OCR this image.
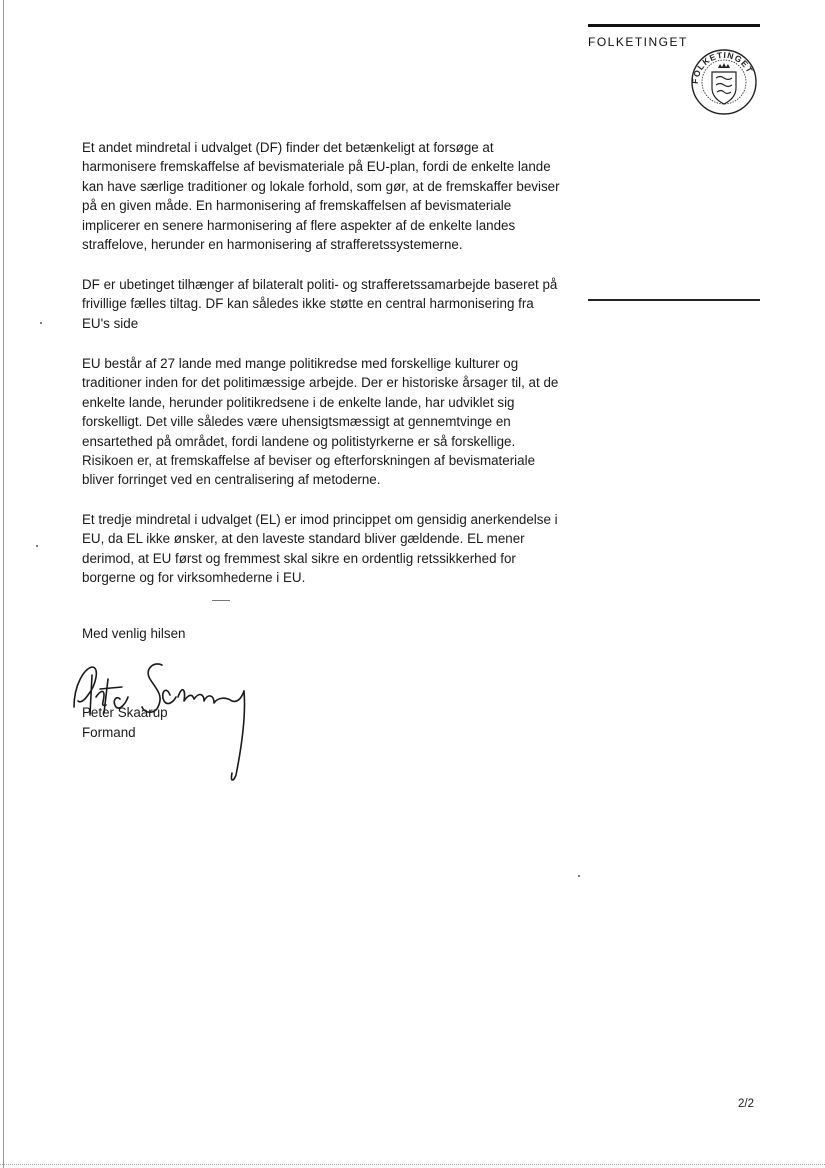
FOLKETINGET
FOLKETINGET

Et andet mindretal i udvalget (DF) finder det betænkeligt at forsøge at harmonisere fremskaffelse af bevismateriale på EU-plan, fordi de enkelte lande kan have særlige traditioner og lokale forhold, som gør, at de fremskaffer beviser på en given måde. En harmonisering af fremskaffelsen af bevismateriale implicerer en senere harmonisering af flere aspekter af de enkelte landes straffelove, herunder en harmonisering af strafferetssystemerne.

DF er ubetinget tilhænger af bilateralt politi- og strafferetssamarbejde baseret på frivillige fælles tiltag. DF kan således ikke støtte en central harmonisering fra EU's side

EU består af 27 lande med mange politikredse med forskellige kulturer og traditioner inden for det politimæssige arbejde. Der er historiske årsager til, at de enkelte lande, herunder politikredsene i de enkelte lande, har udviklet sig forskelligt. Det ville således være uhensigtsmæssigt at gennemtvinge en ensartethed på området, fordi landene og politistyrkerne er så forskellige. Risikoen er, at fremskaffelse af beviser og efterforskningen af bevismateriale bliver forringet ved en centralisering af metoderne.

Et tredje mindretal i udvalget (EL) er imod princippet om gensidig anerkendelse i EU, da EL ikke ønsker, at den laveste standard bliver gældende. EL mener derimod, at EU først og fremmest skal sikre en ordentlig retssikkerhed for borgerne og for virksomhederne i EU.

Med venlig hilsen
Peter Skaarup
Formand
2/2
